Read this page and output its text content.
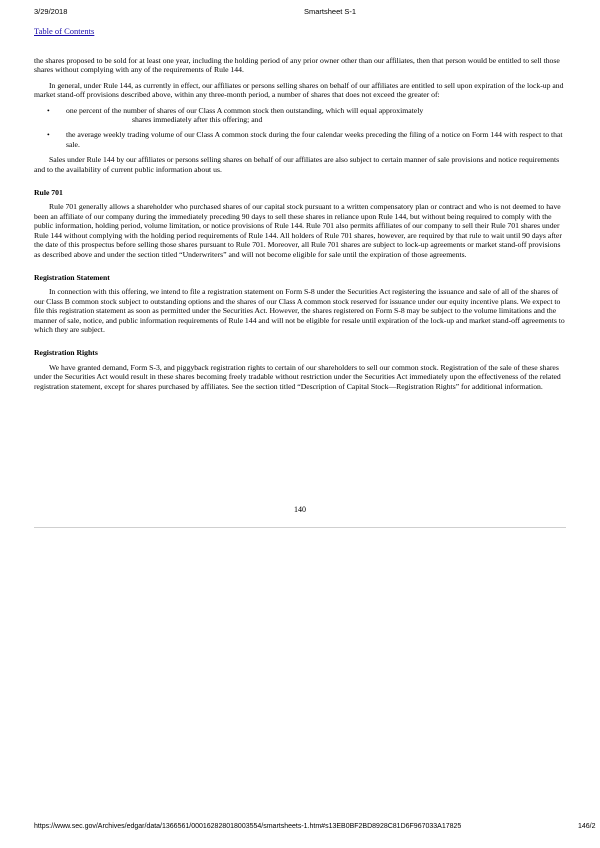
3/29/2018	Smartsheet S-1
Table of Contents

the shares proposed to be sold for at least one year, including the holding period of any prior owner other than our affiliates, then that person would be entitled to sell those shares without complying with any of the requirements of Rule 144.

In general, under Rule 144, as currently in effect, our affiliates or persons selling shares on behalf of our affiliates are entitled to sell upon expiration of the lock-up and market stand-off provisions described above, within any three-month period, a number of shares that does not exceed the greater of:

• one percent of the number of shares of our Class A common stock then outstanding, which will equal approximately
shares immediately after this offering; and
• the average weekly trading volume of our Class A common stock during the four calendar weeks preceding the filing of a notice on Form 144 with respect to that sale.

Sales under Rule 144 by our affiliates or persons selling shares on behalf of our affiliates are also subject to certain manner of sale provisions and notice requirements and to the availability of current public information about us.

Rule 701

Rule 701 generally allows a shareholder who purchased shares of our capital stock pursuant to a written compensatory plan or contract and who is not deemed to have been an affiliate of our company during the immediately preceding 90 days to sell these shares in reliance upon Rule 144, but without being required to comply with the public information, holding period, volume limitation, or notice provisions of Rule 144. Rule 701 also permits affiliates of our company to sell their Rule 701 shares under Rule 144 without complying with the holding period requirements of Rule 144. All holders of Rule 701 shares, however, are required by that rule to wait until 90 days after the date of this prospectus before selling those shares pursuant to Rule 701. Moreover, all Rule 701 shares are subject to lock-up agreements or market stand-off provisions as described above and under the section titled “Underwriters” and will not become eligible for sale until the expiration of those agreements.

Registration Statement

In connection with this offering, we intend to file a registration statement on Form S-8 under the Securities Act registering the issuance and sale of all of the shares of our Class B common stock subject to outstanding options and the shares of our Class A common stock reserved for issuance under our equity incentive plans. We expect to file this registration statement as soon as permitted under the Securities Act. However, the shares registered on Form S-8 may be subject to the volume limitations and the manner of sale, notice, and public information requirements of Rule 144 and will not be eligible for resale until expiration of the lock-up and market stand-off agreements to which they are subject.

Registration Rights

We have granted demand, Form S-3, and piggyback registration rights to certain of our shareholders to sell our common stock. Registration of the sale of these shares under the Securities Act would result in these shares becoming freely tradable without restriction under the Securities Act immediately upon the effectiveness of the related registration statement, except for shares purchased by affiliates. See the section titled “Description of Capital Stock—Registration Rights” for additional information.

140
https://www.sec.gov/Archives/edgar/data/1366561/000162828018003554/smartsheets-1.htm#s13EB0BF2BD8928C81D6F967033A17825	146/2
